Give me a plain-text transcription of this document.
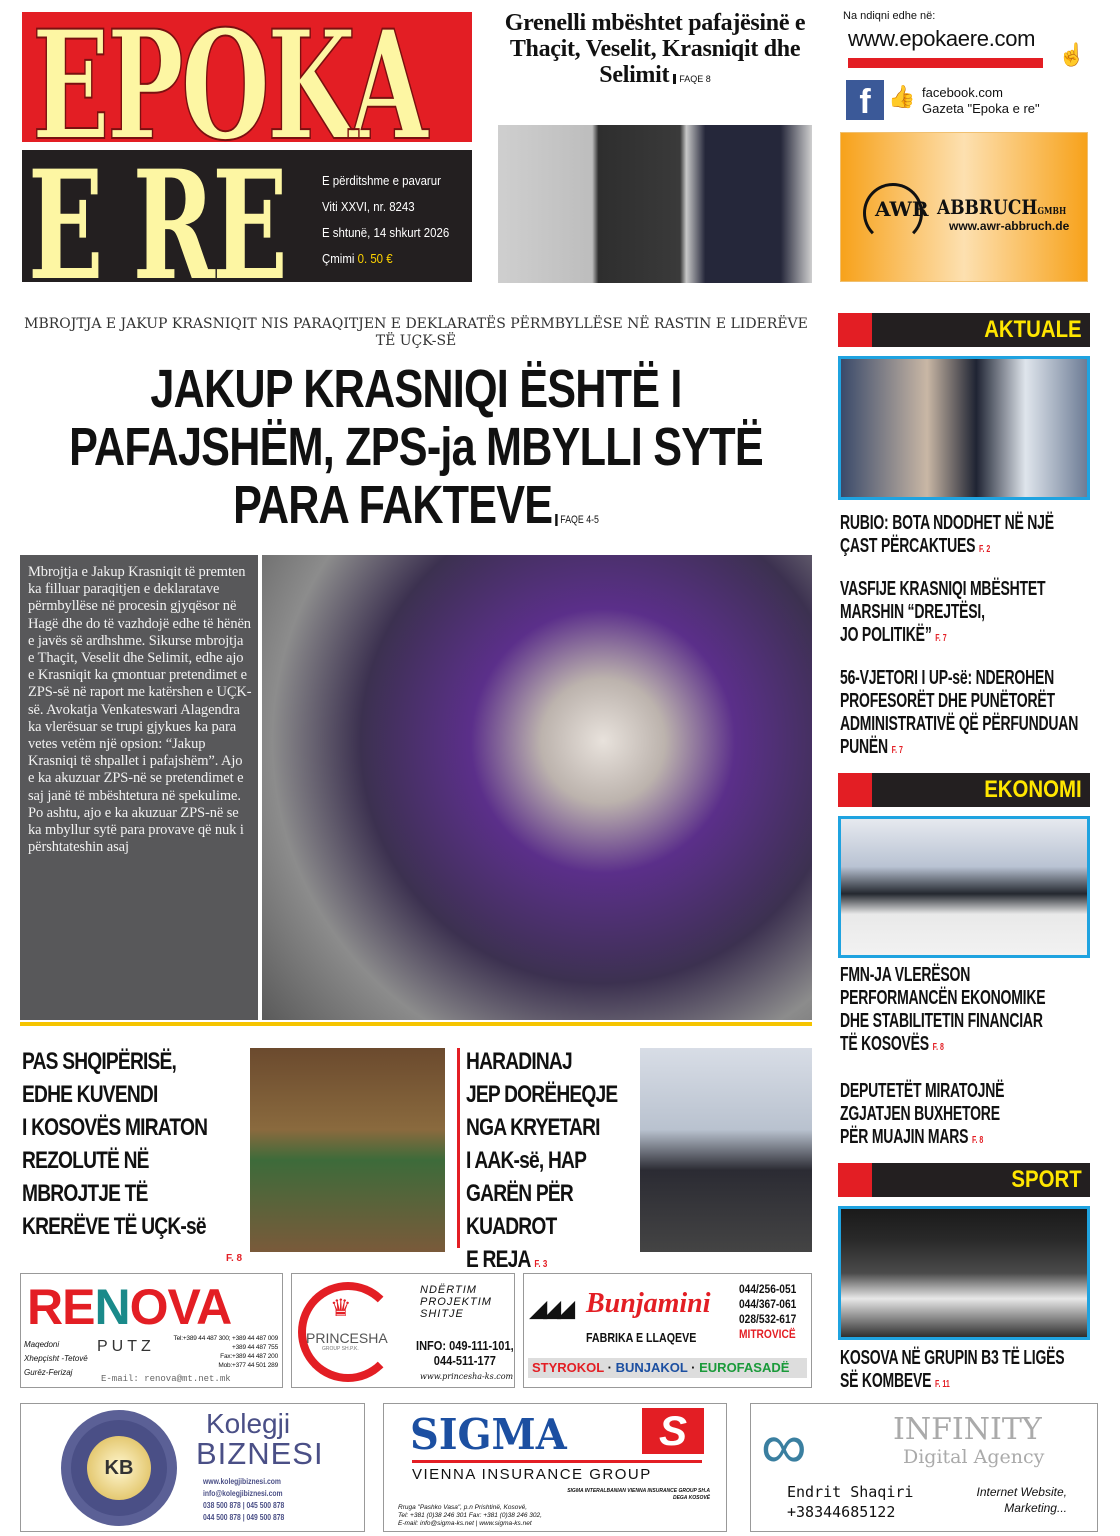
EPOKA
E RE	E përditshme e pavarur
Viti XXVI, nr. 8243
E shtunë, 14 shkurt 2026
Çmimi 0. 50 €
Grenelli mbështet pafajësinë e Thaçit, Veselit, Krasniqit dhe Selimit FAQE 8
Na ndiqni edhe në:
www.epokaere.com
☝
f 👍 facebook.com
Gazeta "Epoka e re"
AWR ABBRUCHGMBH
www.awr-abbruch.de
MBROJTJA E JAKUP KRASNIQIT NIS PARAQITJEN E DEKLARATËS PËRMBYLLËSE NË RASTIN E LIDERËVE TË UÇK-SË
JAKUP KRASNIQI ËSHTË I PAFAJSHËM, ZPS-ja MBYLLI SYTË PARA FAKTEVE FAQE 4-5
Mbrojtja e Jakup Krasniqit të premten ka filluar paraqitjen e deklaratave përmbyllëse në procesin gjyqësor në Hagë dhe do të vazhdojë edhe të hënën e javës së ardhshme. Sikurse mbrojtja e Thaçit, Veselit dhe Selimit, edhe ajo e Krasniqit ka çmontuar pretendimet e ZPS-së në raport me katërshen e UÇK-së. Avokatja Venkateswari Alagendra ka vlerësuar se trupi gjykues ka para vetes vetëm një opsion: “Jakup Krasniqi të shpallet i pafajshëm”. Ajo e ka akuzuar ZPS-në se pretendimet e saj janë të mbështetura në spekulime. Po ashtu, ajo e ka akuzuar ZPS-në se ka mbyllur sytë para provave që nuk i përshtateshin asaj
PAS SHQIPËRISË,
EDHE KUVENDI
I KOSOVËS MIRATON
REZOLUTË NË
MBROJTJE TË
KRERËVE TË UÇK-së
F. 8
HARADINAJ
JEP DORËHEQJE
NGA KRYETARI
I AAK-së, HAP
GARËN PËR
KUADROT
E REJA F. 3
RENOVA
PUTZ
Maqedoni
Xhepçisht -Tetovë
Gurëz-Ferizaj
Tel:+389 44 487 300; +389 44 487 009
+389 44 487 755
Fax:+389 44 487 200
Mob:+377 44 501 289
E-mail: renova@mt.net.mk
♛
PRINCESHA
GROUP SH.P.K.
NDËRTIM
PROJEKTIM
SHITJE
INFO: 049-111-101,
044-511-177
www.princesha-ks.com
◢◢◢ Bunjamini
FABRIKA E LLAQEVE
044/256-051
044/367-061
028/532-617
MITROVICË
STYROKOL · BUNJAKOL · EUROFASADË
AKTUALE
RUBIO: BOTA NDODHET NË NJË
ÇAST PËRCAKTUES F. 2
VASFIJE KRASNIQI MBËSHTET
MARSHIN “DREJTËSI,
JO POLITIKË” F. 7
56-VJETORI I UP-së: NDEROHEN
PROFESORËT DHE PUNËTORËT
ADMINISTRATIVË QË PËRFUNDUAN
PUNËN F. 7
EKONOMI
FMN-JA VLERËSON
PERFORMANCËN EKONOMIKE
DHE STABILITETIN FINANCIAR
TË KOSOVËS F. 8
DEPUTETËT MIRATOJNË
ZGJATJEN BUXHETORE
PËR MUAJIN MARS F. 8
SPORT
KOSOVA NË GRUPIN B3 TË LIGËS
SË KOMBEVE F. 11
KB
Kolegji
BIZNESI
www.kolegjibiznesi.com
info@kolegjibiznesi.com
038 500 878 | 045 500 878
044 500 878 | 049 500 878
SIGMA	S
VIENNA INSURANCE GROUP
SIGMA INTERALBANIAN VIENNA INSURANCE GROUP SH.A
DEGA KOSOVË
Rruga "Pashko Vasa", p.n Prishtinë, Kosovë,
Tel: +381 (0)38 246 301 Fax: +381 (0)38 246 302,
E-mail: info@sigma-ks.net | www.sigma-ks.net
∞	INFINITY
Digital Agency
Endrit Shaqiri
+38344685122
Internet Website,
Marketing...
